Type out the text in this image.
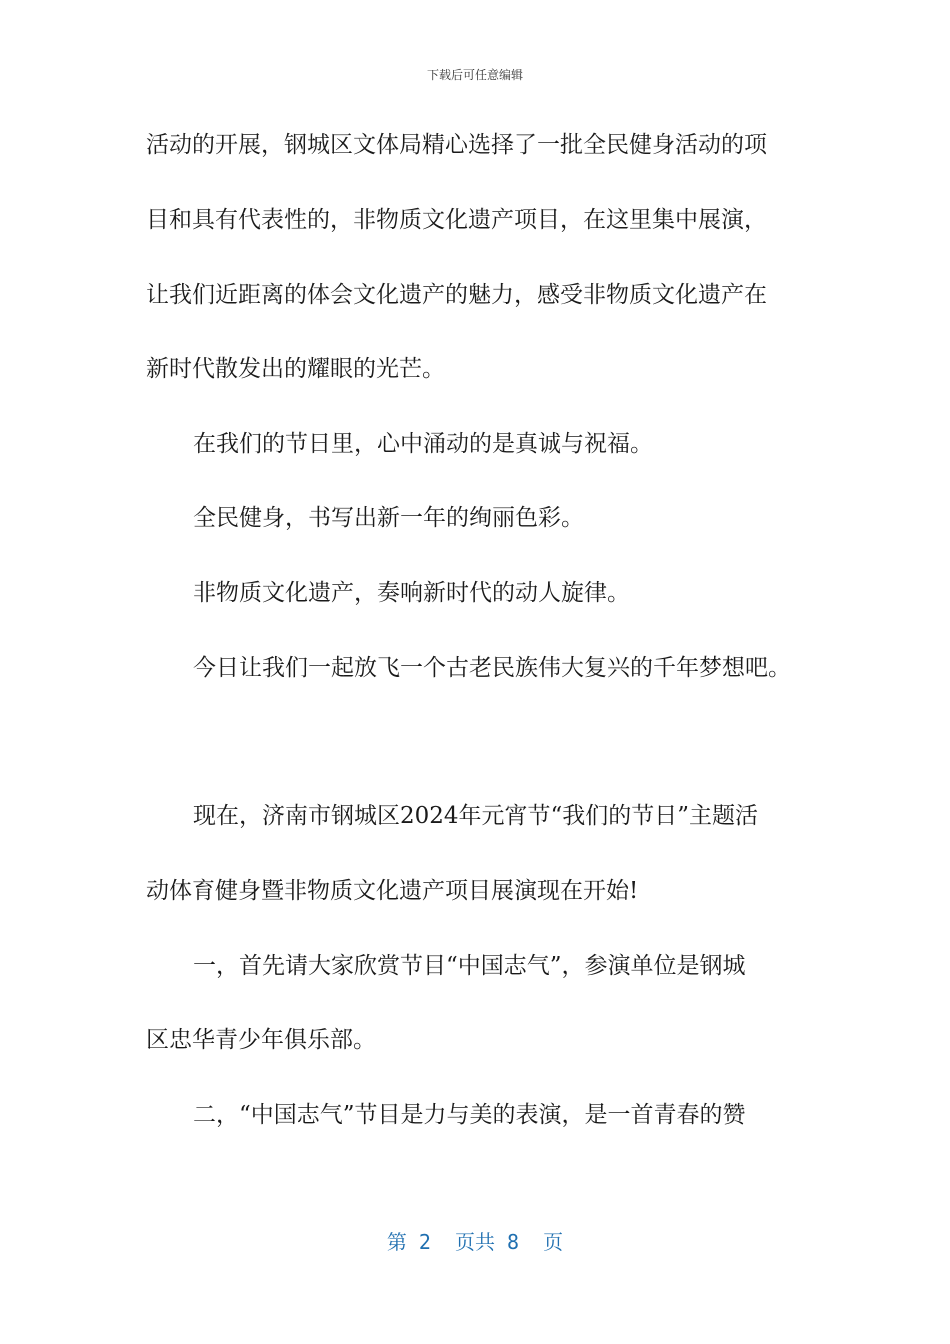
下载后可任意编辑
活动的开展，钢城区文体局精心选择了一批全民健身活动的项
目和具有代表性的，非物质文化遗产项目，在这里集中展演，
让我们近距离的体会文化遗产的魅力，感受非物质文化遗产在
新时代散发出的耀眼的光芒。
在我们的节日里，心中涌动的是真诚与祝福。
全民健身，书写出新一年的绚丽色彩。
非物质文化遗产，奏响新时代的动人旋律。
今日让我们一起放飞一个古老民族伟大复兴的千年梦想吧。
现在，济南市钢城区2024年元宵节“我们的节日”主题活
动体育健身暨非物质文化遗产项目展演现在开始!
一，首先请大家欣赏节目“中国志气”，参演单位是钢城
区忠华青少年俱乐部。
二，“中国志气”节目是力与美的表演，是一首青春的赞
第 2  页共 8  页
